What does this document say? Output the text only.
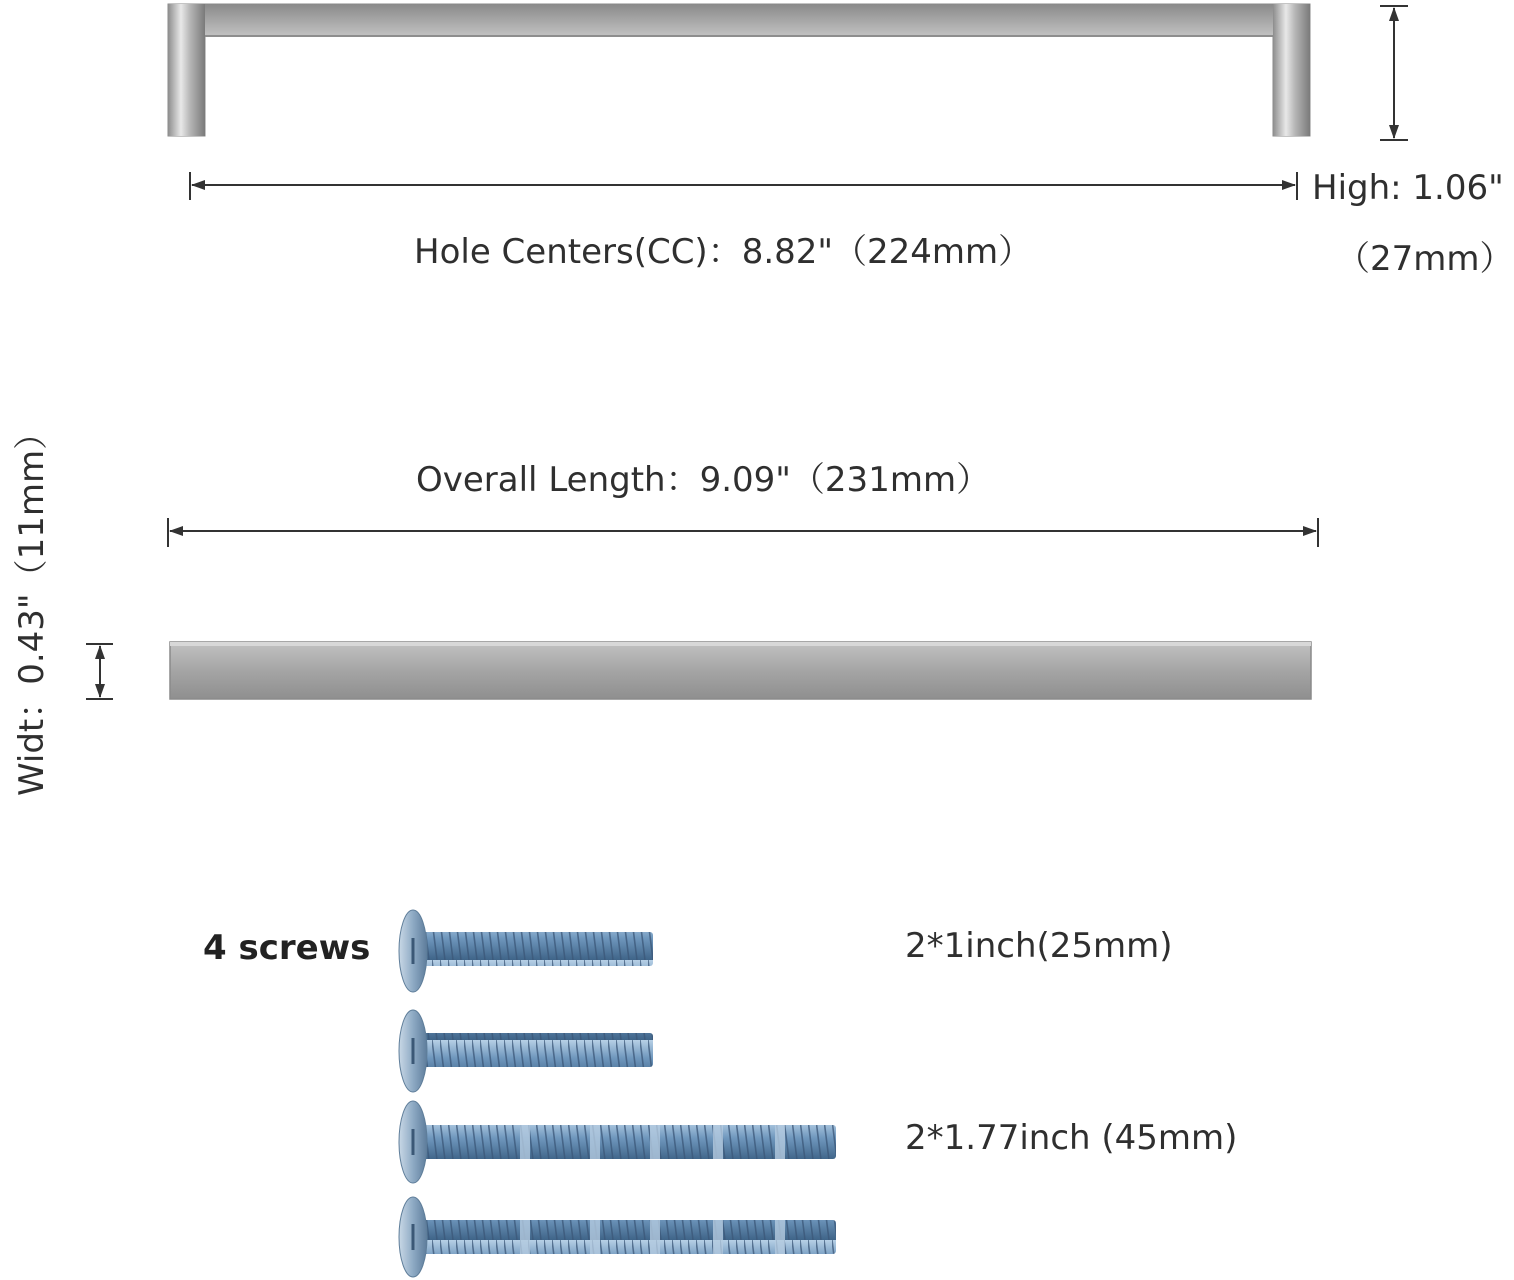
Hole Centers(CC)：8.82"（224mm）
High: 1.06"
（27mm）
Overall Length：9.09"（231mm）
Widt：0.43"（11mm）
4 screws	2*1inch(25mm)
2*1.77inch (45mm)
